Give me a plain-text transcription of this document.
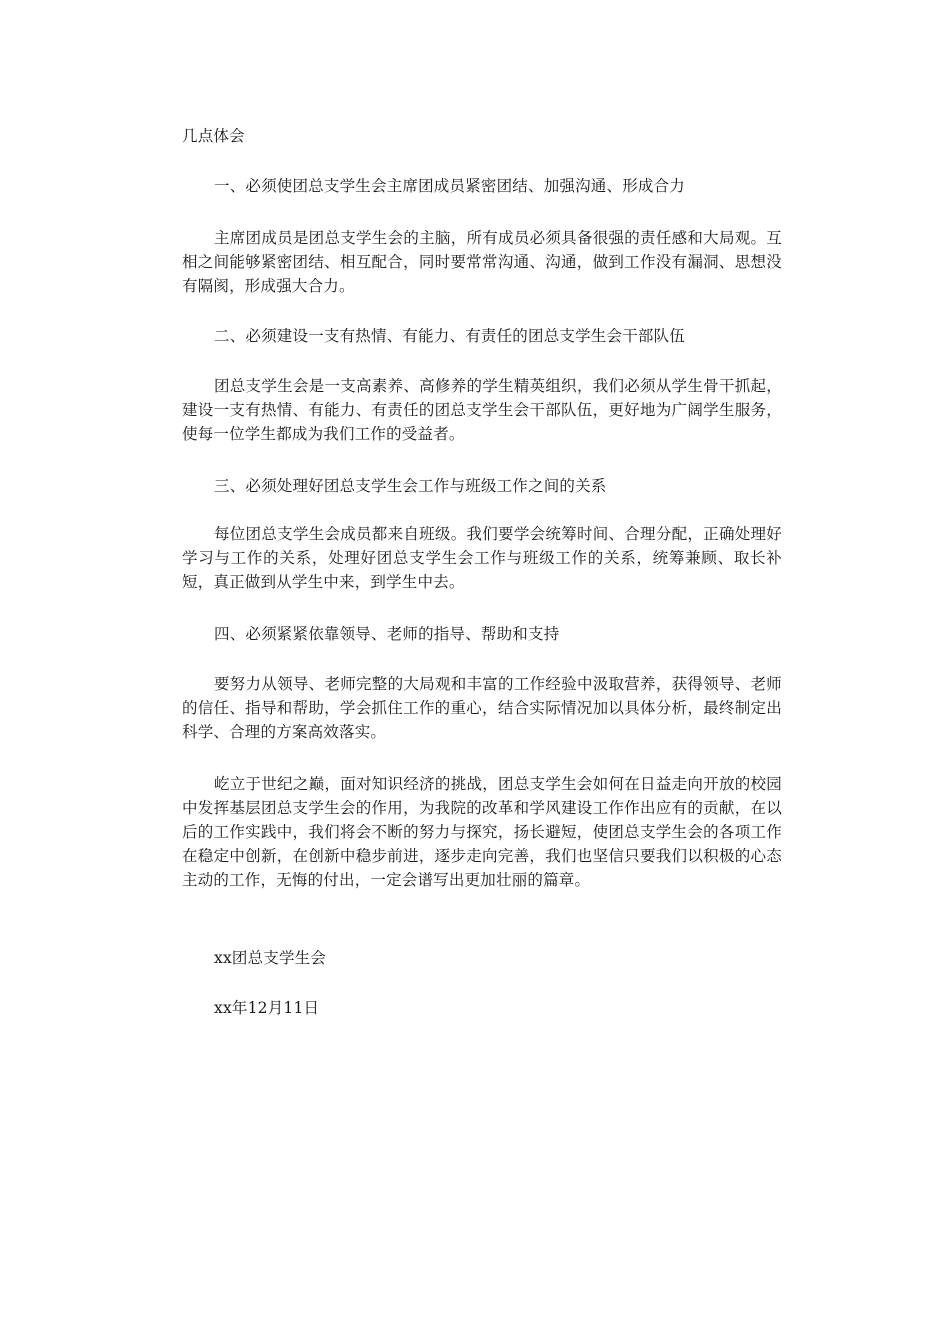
几点体会

一、必须使团总支学生会主席团成员紧密团结、加强沟通、形成合力

主席团成员是团总支学生会的主脑，所有成员必须具备很强的责任感和大局观。互相之间能够紧密团结、相互配合，同时要常常沟通、沟通，做到工作没有漏洞、思想没有隔阂，形成强大合力。

二、必须建设一支有热情、有能力、有责任的团总支学生会干部队伍

团总支学生会是一支高素养、高修养的学生精英组织，我们必须从学生骨干抓起，建设一支有热情、有能力、有责任的团总支学生会干部队伍，更好地为广阔学生服务，使每一位学生都成为我们工作的受益者。

三、必须处理好团总支学生会工作与班级工作之间的关系

每位团总支学生会成员都来自班级。我们要学会统筹时间、合理分配，正确处理好学习与工作的关系，处理好团总支学生会工作与班级工作的关系，统筹兼顾、取长补短，真正做到从学生中来，到学生中去。

四、必须紧紧依靠领导、老师的指导、帮助和支持

要努力从领导、老师完整的大局观和丰富的工作经验中汲取营养，获得领导、老师的信任、指导和帮助，学会抓住工作的重心，结合实际情况加以具体分析，最终制定出科学、合理的方案高效落实。

屹立于世纪之巅，面对知识经济的挑战，团总支学生会如何在日益走向开放的校园中发挥基层团总支学生会的作用，为我院的改革和学风建设工作作出应有的贡献，在以后的工作实践中，我们将会不断的努力与探究，扬长避短，使团总支学生会的各项工作在稳定中创新，在创新中稳步前进，逐步走向完善，我们也坚信只要我们以积极的心态主动的工作，无悔的付出，一定会谱写出更加壮丽的篇章。

xx团总支学生会

xx年12月11日
